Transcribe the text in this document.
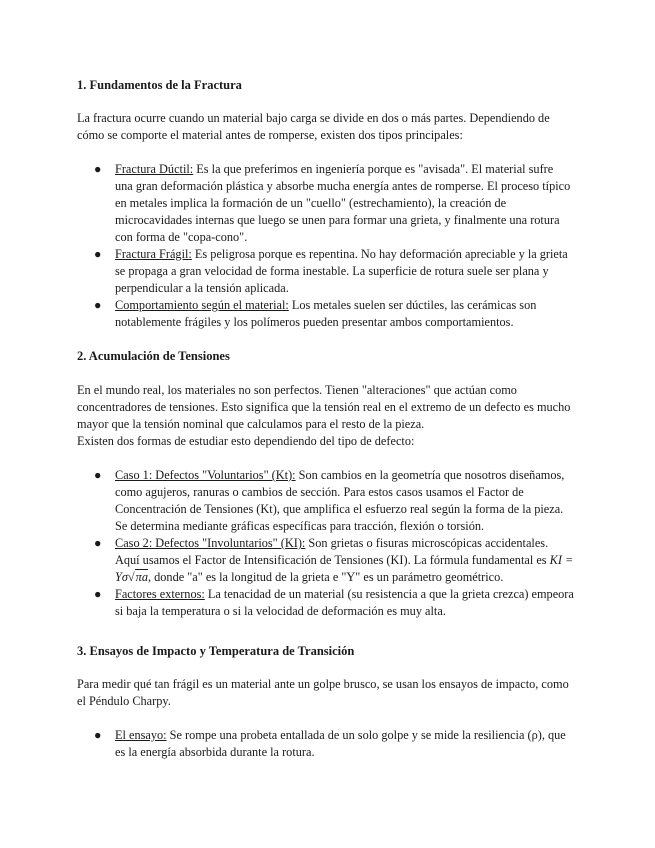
1. Fundamentos de la Fractura

La fractura ocurre cuando un material bajo carga se divide en dos o más partes. Dependiendo de cómo se comporte el material antes de romperse, existen dos tipos principales:

● Fractura Dúctil: Es la que preferimos en ingeniería porque es "avisada". El material sufre una gran deformación plástica y absorbe mucha energía antes de romperse. El proceso típico en metales implica la formación de un "cuello" (estrechamiento), la creación de microcavidades internas que luego se unen para formar una grieta, y finalmente una rotura con forma de "copa-cono".
● Fractura Frágil: Es peligrosa porque es repentina. No hay deformación apreciable y la grieta se propaga a gran velocidad de forma inestable. La superficie de rotura suele ser plana y perpendicular a la tensión aplicada.
● Comportamiento según el material: Los metales suelen ser dúctiles, las cerámicas son notablemente frágiles y los polímeros pueden presentar ambos comportamientos.
2. Acumulación de Tensiones

En el mundo real, los materiales no son perfectos. Tienen "alteraciones" que actúan como concentradores de tensiones. Esto significa que la tensión real en el extremo de un defecto es mucho mayor que la tensión nominal que calculamos para el resto de la pieza.

Existen dos formas de estudiar esto dependiendo del tipo de defecto:

● Caso 1: Defectos "Voluntarios" (Kt): Son cambios en la geometría que nosotros diseñamos, como agujeros, ranuras o cambios de sección. Para estos casos usamos el Factor de Concentración de Tensiones (Kt), que amplifica el esfuerzo real según la forma de la pieza. Se determina mediante gráficas específicas para tracción, flexión o torsión.
● Caso 2: Defectos "Involuntarios" (KI): Son grietas o fisuras microscópicas accidentales. Aquí usamos el Factor de Intensificación de Tensiones (KI). La fórmula fundamental es KI = Yσ√πa, donde "a" es la longitud de la grieta e "Y" es un parámetro geométrico.
● Factores externos: La tenacidad de un material (su resistencia a que la grieta crezca) empeora si baja la temperatura o si la velocidad de deformación es muy alta.
3. Ensayos de Impacto y Temperatura de Transición

Para medir qué tan frágil es un material ante un golpe brusco, se usan los ensayos de impacto, como el Péndulo Charpy.

● El ensayo: Se rompe una probeta entallada de un solo golpe y se mide la resiliencia (ρ), que es la energía absorbida durante la rotura.
